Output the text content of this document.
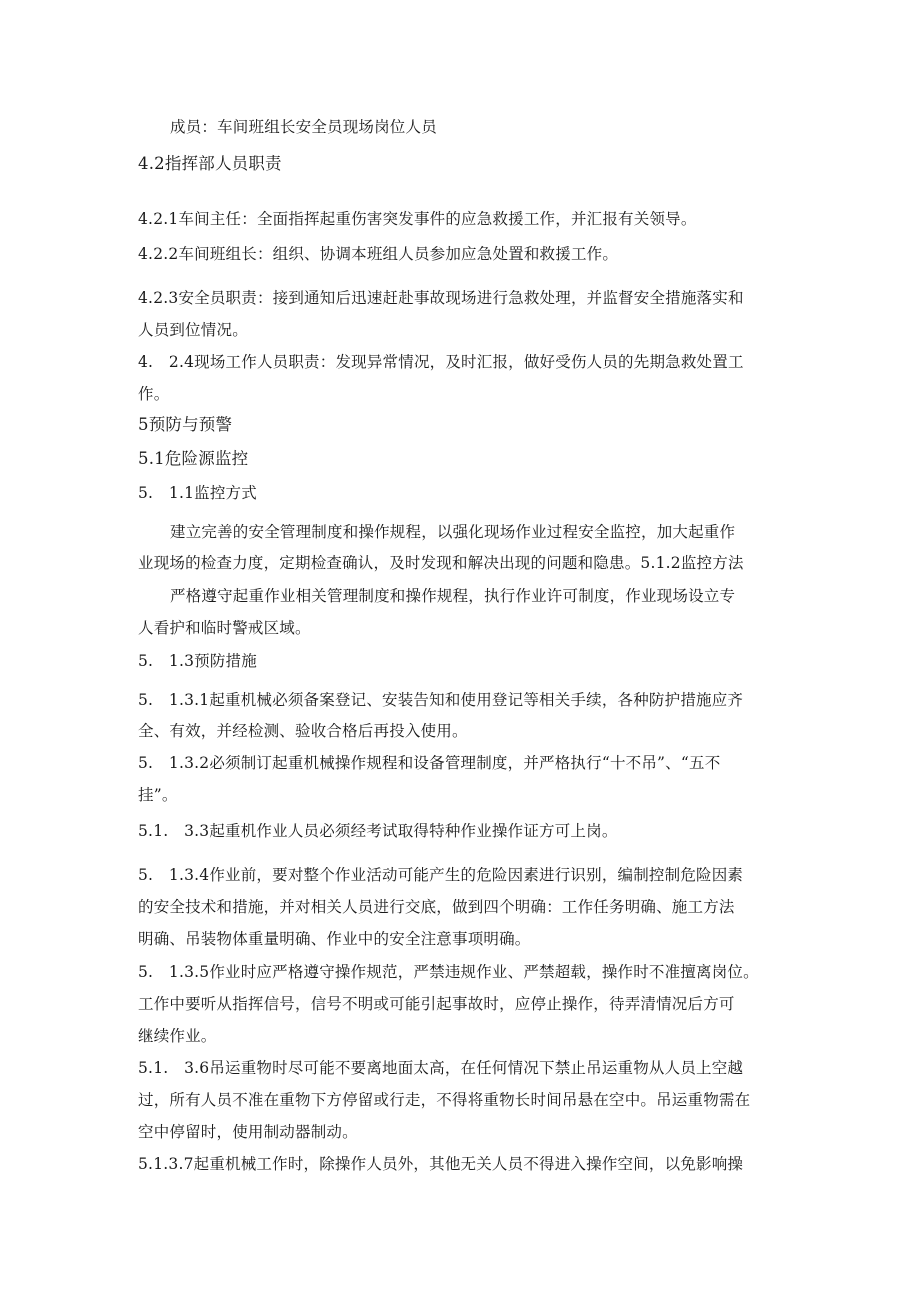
成员：车间班组长安全员现场岗位人员
4.2指挥部人员职责
4.2.1车间主任：全面指挥起重伤害突发事件的应急救援工作，并汇报有关领导。
4.2.2车间班组长：组织、协调本班组人员参加应急处置和救援工作。
4.2.3安全员职责：接到通知后迅速赶赴事故现场进行急救处理，并监督安全措施落实和
人员到位情况。
4.　2.4现场工作人员职责：发现异常情况，及时汇报，做好受伤人员的先期急救处置工
作。
5预防与预警
5.1危险源监控
5.　1.1监控方式
建立完善的安全管理制度和操作规程，以强化现场作业过程安全监控，加大起重作
业现场的检查力度，定期检查确认，及时发现和解决出现的问题和隐患。5.1.2监控方法
严格遵守起重作业相关管理制度和操作规程，执行作业许可制度，作业现场设立专
人看护和临时警戒区域。
5.　1.3预防措施
5.　1.3.1起重机械必须备案登记、安装告知和使用登记等相关手续，各种防护措施应齐
全、有效，并经检测、验收合格后再投入使用。
5.　1.3.2必须制订起重机械操作规程和设备管理制度，并严格执行“十不吊”、“五不
挂”。
5.1.　3.3起重机作业人员必须经考试取得特种作业操作证方可上岗。
5.　1.3.4作业前，要对整个作业活动可能产生的危险因素进行识别，编制控制危险因素
的安全技术和措施，并对相关人员进行交底，做到四个明确：工作任务明确、施工方法
明确、吊装物体重量明确、作业中的安全注意事项明确。
5.　1.3.5作业时应严格遵守操作规范，严禁违规作业、严禁超载，操作时不准擅离岗位。
工作中要听从指挥信号，信号不明或可能引起事故时，应停止操作，待弄清情况后方可
继续作业。
5.1.　3.6吊运重物时尽可能不要离地面太高，在任何情况下禁止吊运重物从人员上空越
过，所有人员不准在重物下方停留或行走，不得将重物长时间吊悬在空中。吊运重物需在
空中停留时，使用制动器制动。
5.1.3.7起重机械工作时，除操作人员外，其他无关人员不得进入操作空间，以免影响操
